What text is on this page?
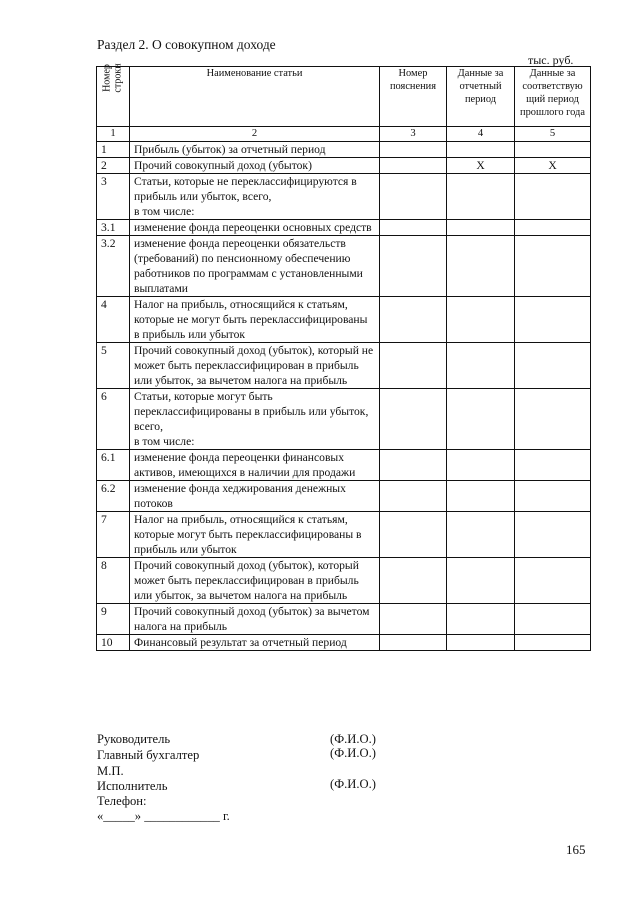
Раздел 2. О совокупном доходе
тыс. руб.
Номер
строки	Наименование статьи	Номер пояснения	Данные за отчетный период	Данные за соответствую щий период прошлого года
1	2	3	4	5
1	Прибыль (убыток) за отчетный период			
2	Прочий совокупный доход (убыток)		X	X
3	Статьи, которые не переклассифицируются в прибыль или убыток, всего,
в том числе:			
3.1	изменение фонда переоценки основных средств			
3.2	изменение фонда переоценки обязательств (требований) по пенсионному обеспечению работников по программам с установленными выплатами			
4	Налог на прибыль, относящийся к статьям, которые не могут быть переклассифицированы в прибыль или убыток			
5	Прочий совокупный доход (убыток), который не может быть переклассифицирован в прибыль или убыток, за вычетом налога на прибыль			
6	Статьи, которые могут быть переклассифицированы в прибыль или убыток, всего,
в том числе:			
6.1	изменение фонда переоценки финансовых активов, имеющихся в наличии для продажи			
6.2	изменение фонда хеджирования денежных потоков			
7	Налог на прибыль, относящийся к статьям, которые могут быть переклассифицированы в прибыль или убыток			
8	Прочий совокупный доход (убыток), который может быть переклассифицирован в прибыль или убыток, за вычетом налога на прибыль			
9	Прочий совокупный доход (убыток) за вычетом налога на прибыль			
10	Финансовый результат за отчетный период			
Руководитель	(Ф.И.О.)
Главный бухгалтер	(Ф.И.О.)
М.П.
Исполнитель	(Ф.И.О.)
Телефон:
«_____» ____________ г.
165
